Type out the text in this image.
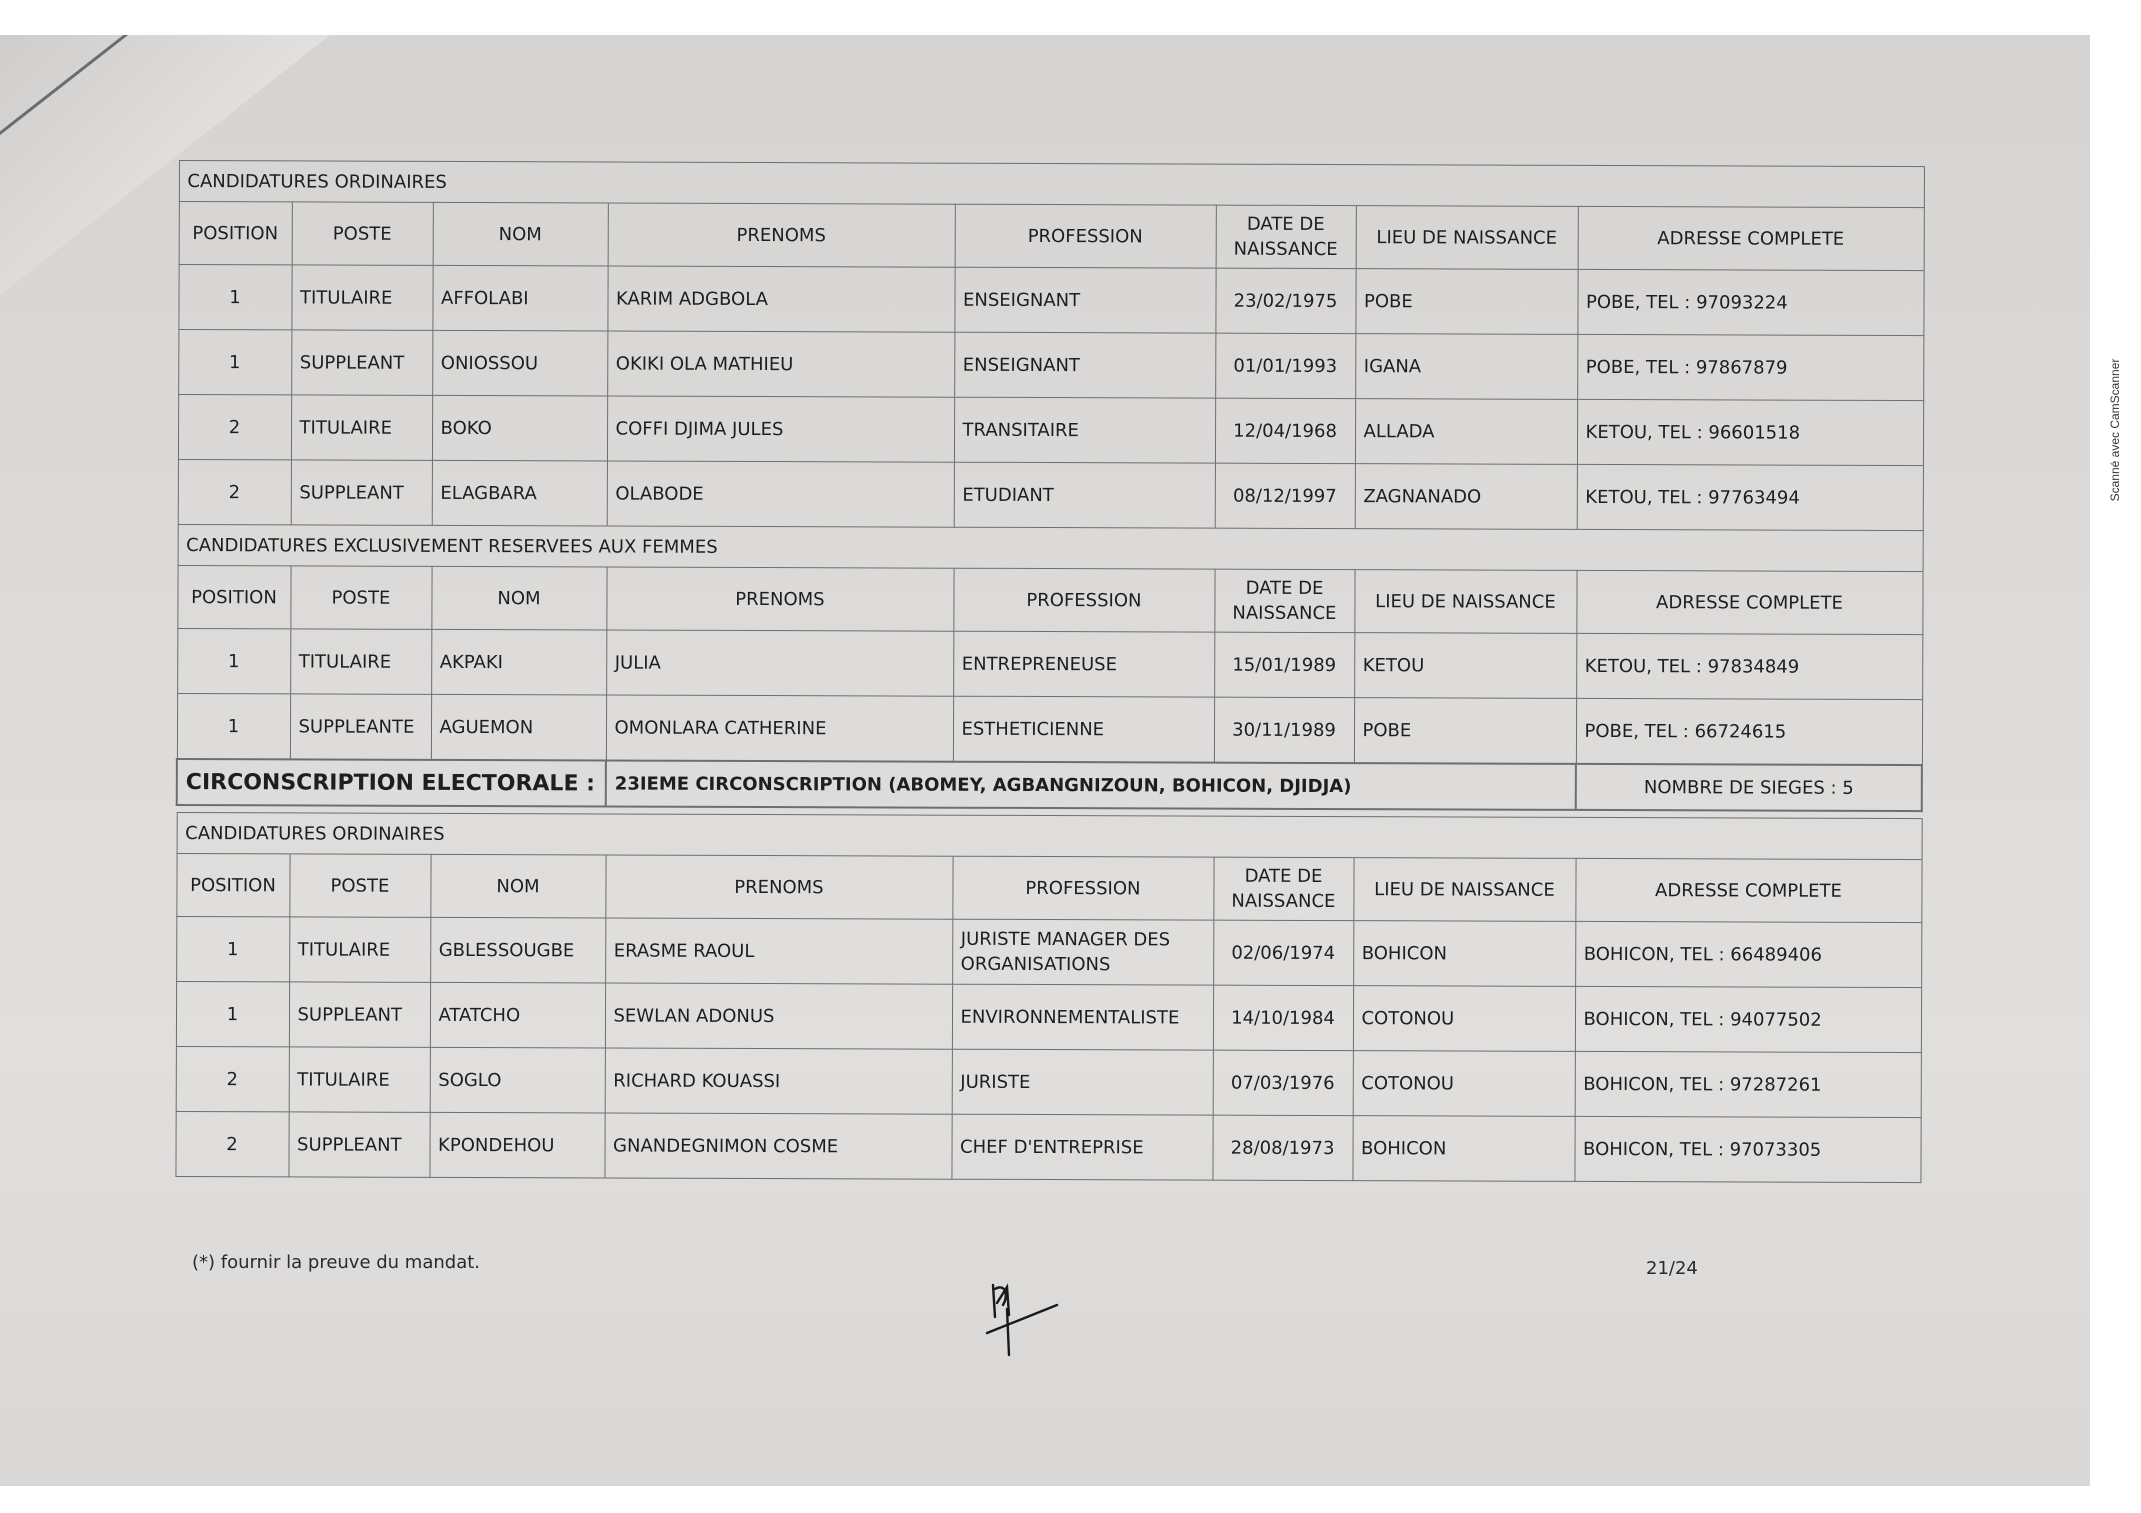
Scanné avec CamScanner
CANDIDATURES ORDINAIRES							
POSITION	POSTE	NOM	PRENOMS	PROFESSION	DATE DE NAISSANCE	LIEU DE NAISSANCE	ADRESSE COMPLETE
1	TITULAIRE	AFFOLABI	KARIM ADGBOLA	ENSEIGNANT	23/02/1975	POBE	POBE, TEL : 97093224
1	SUPPLEANT	ONIOSSOU	OKIKI OLA MATHIEU	ENSEIGNANT	01/01/1993	IGANA	POBE, TEL : 97867879
2	TITULAIRE	BOKO	COFFI DJIMA JULES	TRANSITAIRE	12/04/1968	ALLADA	KETOU, TEL : 96601518
2	SUPPLEANT	ELAGBARA	OLABODE	ETUDIANT	08/12/1997	ZAGNANADO	KETOU, TEL : 97763494
CANDIDATURES EXCLUSIVEMENT RESERVEES AUX FEMMES							
POSITION	POSTE	NOM	PRENOMS	PROFESSION	DATE DE NAISSANCE	LIEU DE NAISSANCE	ADRESSE COMPLETE
1	TITULAIRE	AKPAKI	JULIA	ENTREPRENEUSE	15/01/1989	KETOU	KETOU, TEL : 97834849
1	SUPPLEANTE	AGUEMON	OMONLARA CATHERINE	ESTHETICIENNE	30/11/1989	POBE	POBE, TEL : 66724615
CIRCONSCRIPTION ELECTORALE :			23IEME CIRCONSCRIPTION (ABOMEY, AGBANGNIZOUN, BOHICON, DJIDJA)				NOMBRE DE SIEGES : 5

CANDIDATURES ORDINAIRES							
POSITION	POSTE	NOM	PRENOMS	PROFESSION	DATE DE NAISSANCE	LIEU DE NAISSANCE	ADRESSE COMPLETE
1	TITULAIRE	GBLESSOUGBE	ERASME RAOUL	JURISTE MANAGER DES ORGANISATIONS	02/06/1974	BOHICON	BOHICON, TEL : 66489406
1	SUPPLEANT	ATATCHO	SEWLAN ADONUS	ENVIRONNEMENTALISTE	14/10/1984	COTONOU	BOHICON, TEL : 94077502
2	TITULAIRE	SOGLO	RICHARD KOUASSI	JURISTE	07/03/1976	COTONOU	BOHICON, TEL : 97287261
2	SUPPLEANT	KPONDEHOU	GNANDEGNIMON COSME	CHEF D'ENTREPRISE	28/08/1973	BOHICON	BOHICON, TEL : 97073305
(*) fournir la preuve du mandat.	21/24
